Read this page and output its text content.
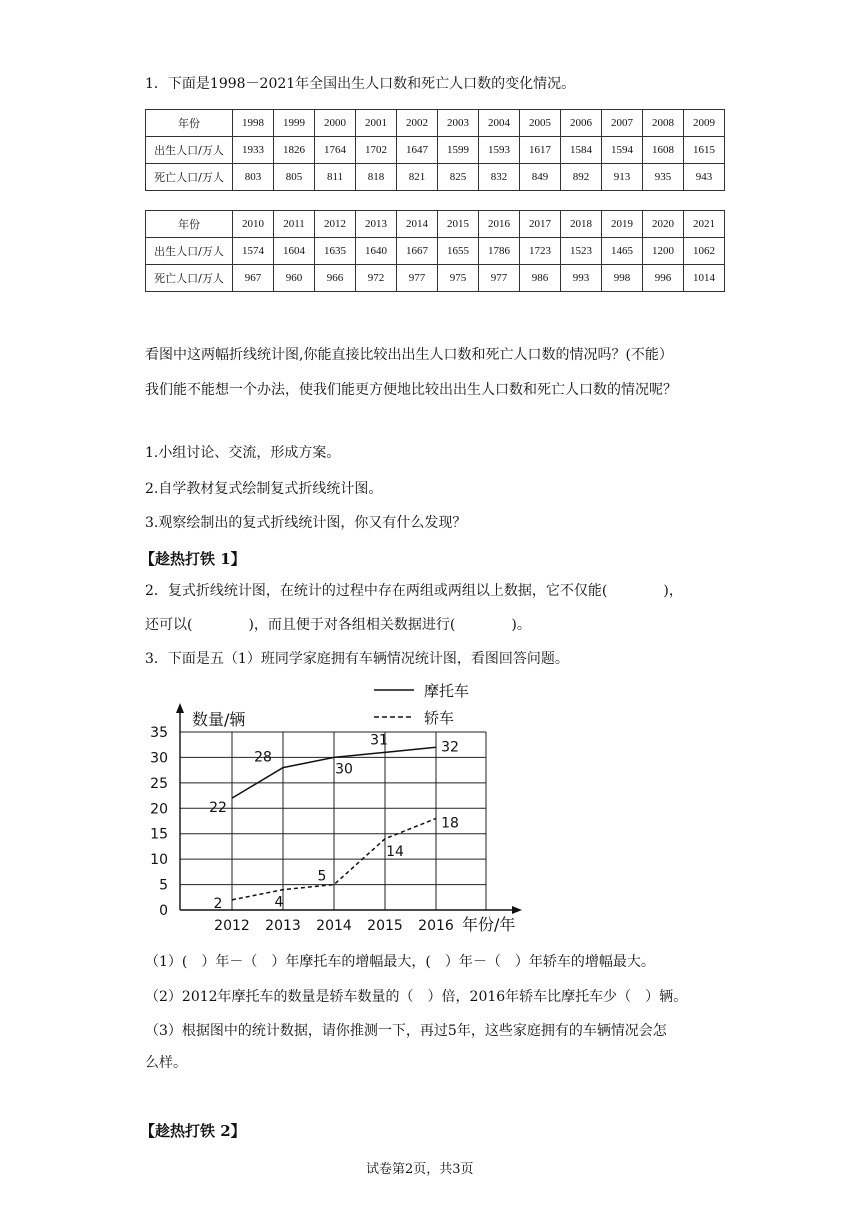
1．下面是1998－2021年全国出生人口数和死亡人口数的变化情况。
年份	1998	1999	2000	2001	2002	2003	2004	2005	2006	2007	2008	2009
出生人口/万人	1933	1826	1764	1702	1647	1599	1593	1617	1584	1594	1608	1615
死亡人口/万人	803	805	811	818	821	825	832	849	892	913	935	943
年份	2010	2011	2012	2013	2014	2015	2016	2017	2018	2019	2020	2021
出生人口/万人	1574	1604	1635	1640	1667	1655	1786	1723	1523	1465	1200	1062
死亡人口/万人	967	960	966	972	977	975	977	986	993	998	996	1014
看图中这两幅折线统计图,你能直接比较出出生人口数和死亡人口数的情况吗？(不能）
我们能不能想一个办法，使我们能更方便地比较出出生人口数和死亡人口数的情况呢？
1.小组讨论、交流，形成方案。
2.自学教材复式绘制复式折线统计图。
3.观察绘制出的复式折线统计图，你又有什么发现？
【趁热打铁 1】
2．复式折线统计图，在统计的过程中存在两组或两组以上数据，它不仅能(　　　　)，
还可以(　　　　)，而且便于对各组相关数据进行(　　　　)。
3．下面是五（1）班同学家庭拥有车辆情况统计图，看图回答问题。
0
5
10
15
20
25
30
35
2012 2013 2014 2015 2016
数量/辆
年份/年
22
28
30
31	32
2	4
5
14
18
摩托车
轿车
（1）(　）年－（　）年摩托车的增幅最大，(　）年－（　）年轿车的增幅最大。
（2）2012年摩托车的数量是轿车数量的（　）倍，2016年轿车比摩托车少（　）辆。
（3）根据图中的统计数据，请你推测一下，再过5年，这些家庭拥有的车辆情况会怎
么样。
【趁热打铁 2】
试卷第2页，共3页
